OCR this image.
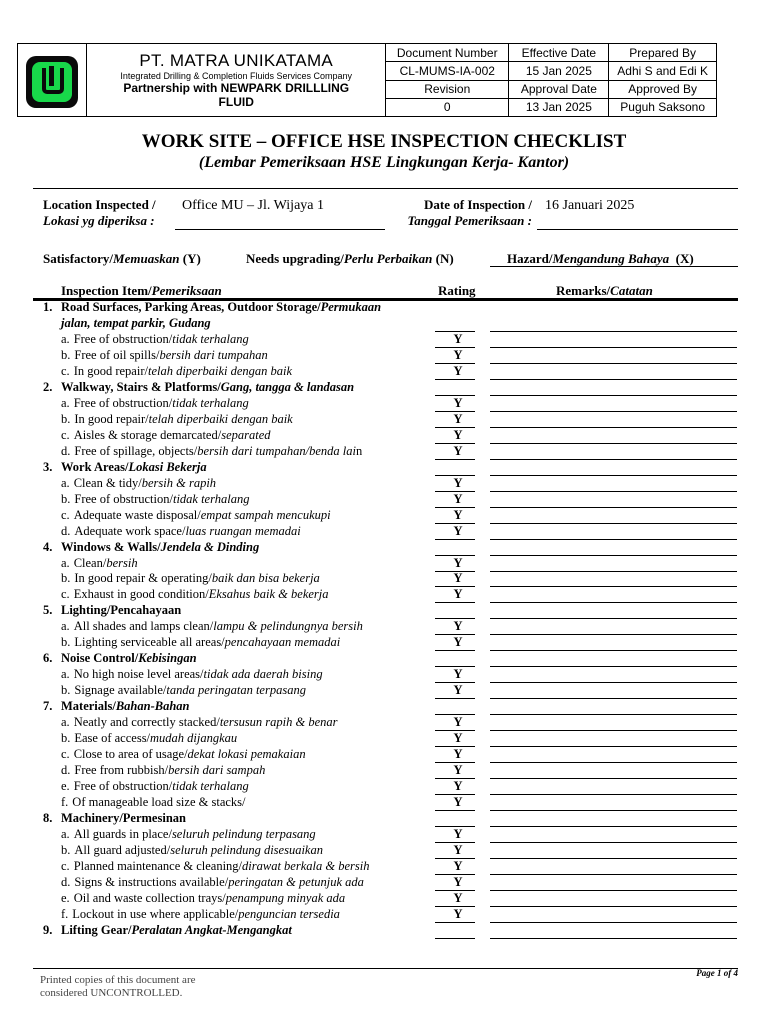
	PT. MATRA UNIKATAMA
Integrated Drilling & Completion Fluids Services Company
Partnership with NEWPARK DRILLLING FLUID	Document Number	Effective Date	Prepared By
		CL-MUMS-IA-002	15 Jan 2025	Adhi S and Edi K
		Revision	Approval Date	Approved By
		0	13 Jan 2025	Puguh Saksono
WORK SITE – OFFICE HSE INSPECTION CHECKLIST
(Lembar Pemeriksaan HSE Lingkungan Kerja- Kantor)
Location Inspected /
Lokasi yg diperiksa :
Office MU – Jl. Wijaya 1	Date of Inspection /
Tanggal Pemeriksaan :
16 Januari 2025
Satisfactory/Memuaskan (Y)	Needs upgrading/Perlu Perbaikan (N)	Hazard/Mengandung Bahaya  (X)
Inspection Item/Pemeriksaan	Rating	Remarks/Catatan
1. Road Surfaces, Parking Areas, Outdoor Storage/Permukaan
jalan, tempat parkir, Gudang
a. Free of obstruction/tidak terhalang	Y
b. Free of oil spills/bersih dari tumpahan	Y
c. In good repair/telah diperbaiki dengan baik	Y
2. Walkway, Stairs & Platforms/Gang, tangga & landasan
a. Free of obstruction/tidak terhalang	Y
b. In good repair/telah diperbaiki dengan baik	Y
c. Aisles & storage demarcated/separated	Y
d. Free of spillage, objects/bersih dari tumpahan/benda lain	Y
3. Work Areas/Lokasi Bekerja
a. Clean & tidy/bersih & rapih	Y
b. Free of obstruction/tidak terhalang	Y
c. Adequate waste disposal/empat sampah mencukupi	Y
d. Adequate work space/luas ruangan memadai	Y
4. Windows & Walls/Jendela & Dinding
a. Clean/bersih	Y
b. In good repair & operating/baik dan bisa bekerja	Y
c. Exhaust in good condition/Eksahus baik & bekerja	Y
5. Lighting/Pencahayaan
a. All shades and lamps clean/lampu & pelindungnya bersih	Y
b. Lighting serviceable all areas/pencahayaan memadai	Y
6. Noise Control/Kebisingan
a. No high noise level areas/tidak ada daerah bising	Y
b. Signage available/tanda peringatan terpasang	Y
7. Materials/Bahan-Bahan
a. Neatly and correctly stacked/tersusun rapih & benar	Y
b. Ease of access/mudah dijangkau	Y
c. Close to area of usage/dekat lokasi pemakaian	Y
d. Free from rubbish/bersih dari sampah	Y
e. Free of obstruction/tidak terhalang	Y
f. Of manageable load size & stacks/	Y
8. Machinery/Permesinan
a. All guards in place/seluruh pelindung terpasang	Y
b. All guard adjusted/seluruh pelindung disesuaikan	Y
c. Planned maintenance & cleaning/dirawat berkala & bersih	Y
d. Signs & instructions available/peringatan & petunjuk ada	Y
e. Oil and waste collection trays/penampung minyak ada	Y
f. Lockout in use where applicable/penguncian tersedia	Y
9. Lifting Gear/Peralatan Angkat-Mengangkat
Printed copies of this document are
considered UNCONTROLLED.
Page 1 of 4
